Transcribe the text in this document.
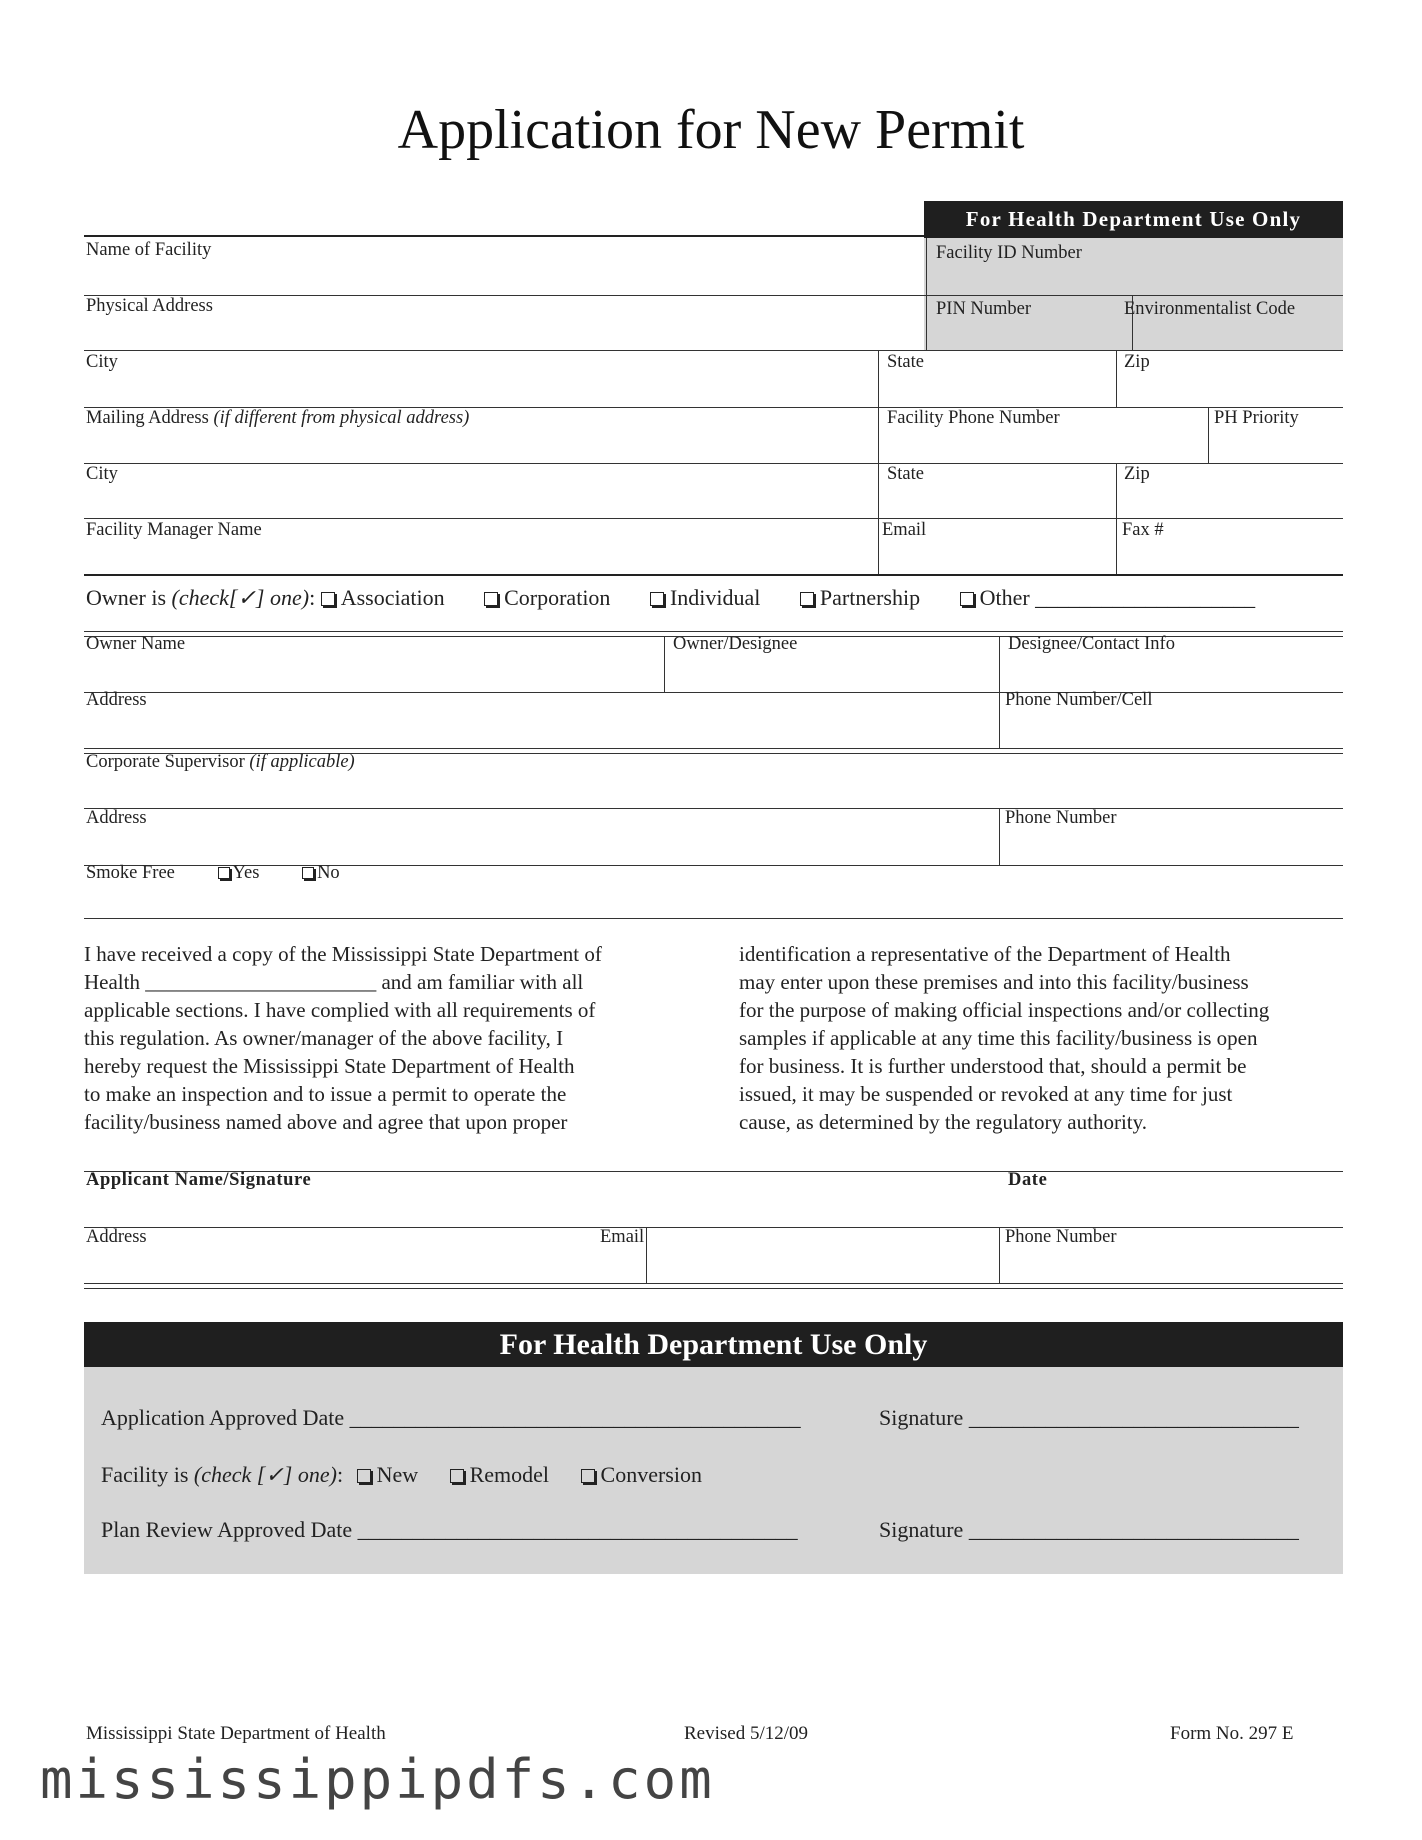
Application for New Permit
For Health Department Use Only
Name of Facility	Facility ID Number
Physical Address	PIN Number	Environmentalist Code
City	State	Zip
Mailing Address (if different from physical address)	Facility Phone Number	PH Priority
City	State	Zip
Facility Manager Name	Email	Fax #
Owner is (check[✓] one): Association	Corporation	Individual	Partnership	Other ____________________
Owner Name	Owner/Designee	Designee/Contact Info
Address	Phone Number/Cell
Corporate Supervisor (if applicable)
Address	Phone Number
Smoke Free	Yes	No
I have received a copy of the Mississippi State Department of
Health ______________________ and am familiar with all
applicable sections. I have complied with all requirements of
this regulation. As owner/manager of the above facility, I
hereby request the Mississippi State Department of Health
to make an inspection and to issue a permit to operate the
facility/business named above and agree that upon proper
identification a representative of the Department of Health
may enter upon these premises and into this facility/business
for the purpose of making official inspections and/or collecting
samples if applicable at any time this facility/business is open
for business. It is further understood that, should a permit be
issued, it may be suspended or revoked at any time for just
cause, as determined by the regulatory authority.
Applicant Name/Signature	Date
Address	Email	Phone Number
For Health Department Use Only
Application Approved Date _________________________________________	Signature ______________________________
Facility is (check [✓] one): New Remodel Conversion
Plan Review Approved Date ________________________________________	Signature ______________________________
Mississippi State Department of Health	Revised 5/12/09	Form No. 297 E
mississippipdfs.com
